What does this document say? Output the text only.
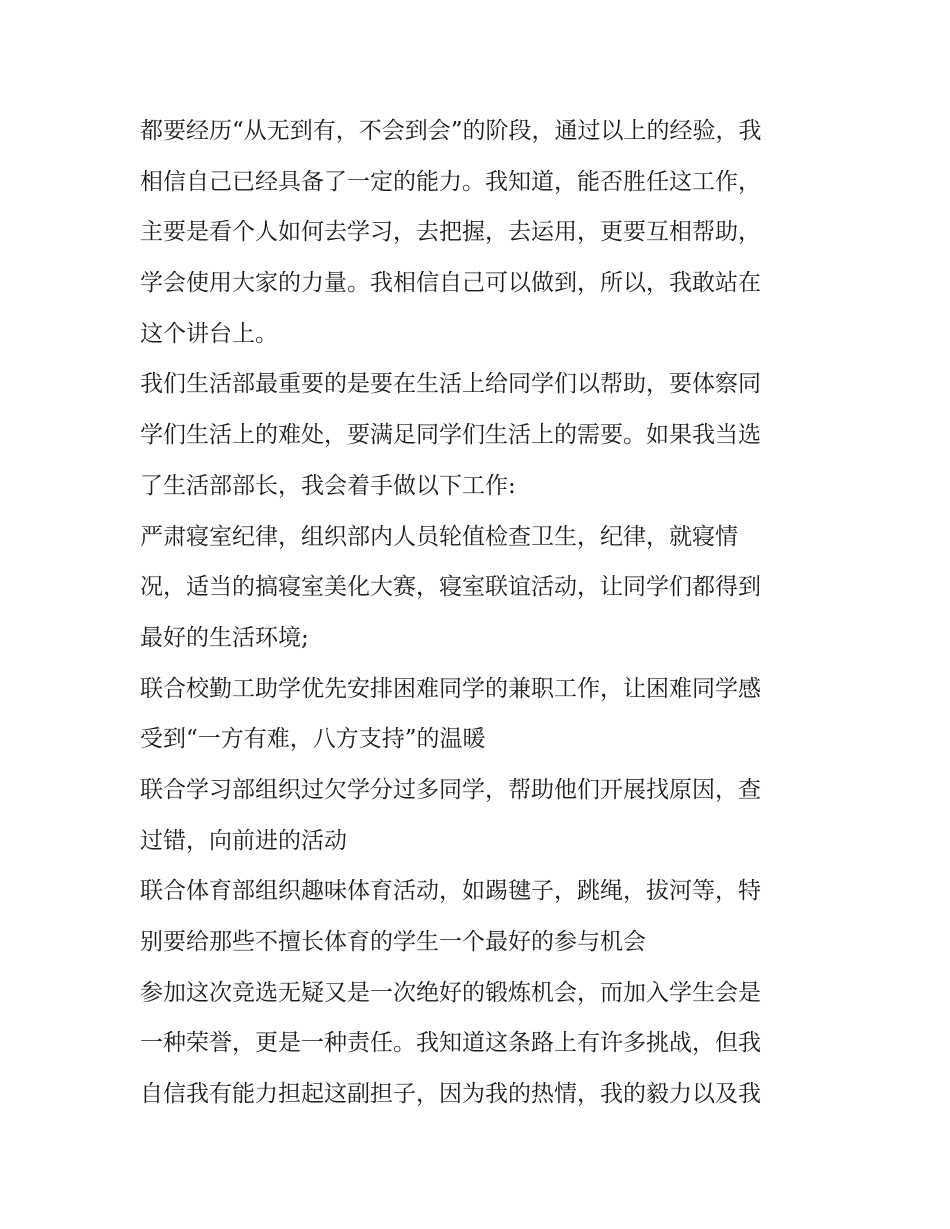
都要经历“从无到有，不会到会”的阶段，通过以上的经验，我
相信自己已经具备了一定的能力。我知道，能否胜任这工作，
主要是看个人如何去学习，去把握，去运用，更要互相帮助，
学会使用大家的力量。我相信自己可以做到，所以，我敢站在
这个讲台上。
我们生活部最重要的是要在生活上给同学们以帮助，要体察同
学们生活上的难处，要满足同学们生活上的需要。如果我当选
了生活部部长，我会着手做以下工作:
严肃寝室纪律，组织部内人员轮值检查卫生，纪律，就寝情
况，适当的搞寝室美化大赛，寝室联谊活动，让同学们都得到
最好的生活环境;
联合校勤工助学优先安排困难同学的兼职工作，让困难同学感
受到“一方有难，八方支持”的温暖
联合学习部组织过欠学分过多同学，帮助他们开展找原因，查
过错，向前进的活动
联合体育部组织趣味体育活动，如踢毽子，跳绳，拔河等，特
别要给那些不擅长体育的学生一个最好的参与机会
参加这次竞选无疑又是一次绝好的锻炼机会，而加入学生会是
一种荣誉，更是一种责任。我知道这条路上有许多挑战，但我
自信我有能力担起这副担子，因为我的热情，我的毅力以及我
